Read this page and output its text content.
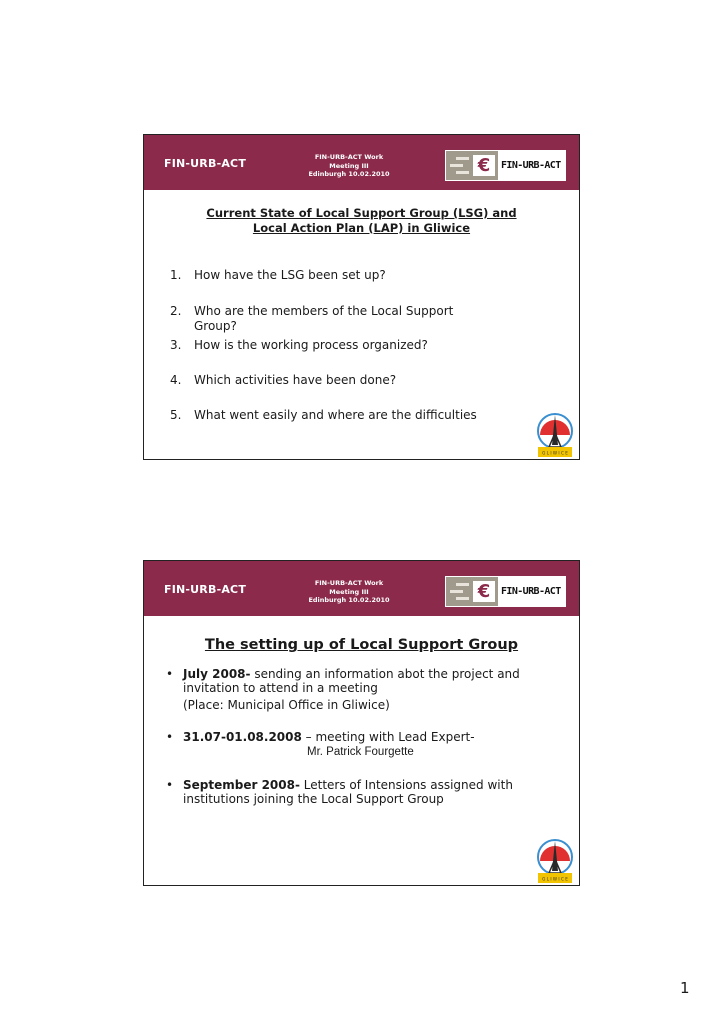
FIN-URB-ACT	FIN-URB-ACT Work
Meeting III
Edinburgh 10.02.2010	€	FIN-URB-ACT
Current State of Local Support Group (LSG) and
Local Action Plan (LAP) in Gliwice
1. How have the LSG been set up?
2. Who are the members of the Local Support
Group?
3. How is the working process organized?
4. Which activities have been done?
5. What went easily and where are the difficulties
G L I W I C E
FIN-URB-ACT	FIN-URB-ACT Work
Meeting III
Edinburgh 10.02.2010	€	FIN-URB-ACT
The setting up of Local Support Group
• July 2008- sending an information abot the project and
invitation to attend in a meeting
(Place: Municipal Office in Gliwice)
• 31.07-01.08.2008 – meeting with Lead Expert-
Mr. Patrick Fourgette
• September 2008- Letters of Intensions assigned with
institutions joining the Local Support Group
G L I W I C E
1
